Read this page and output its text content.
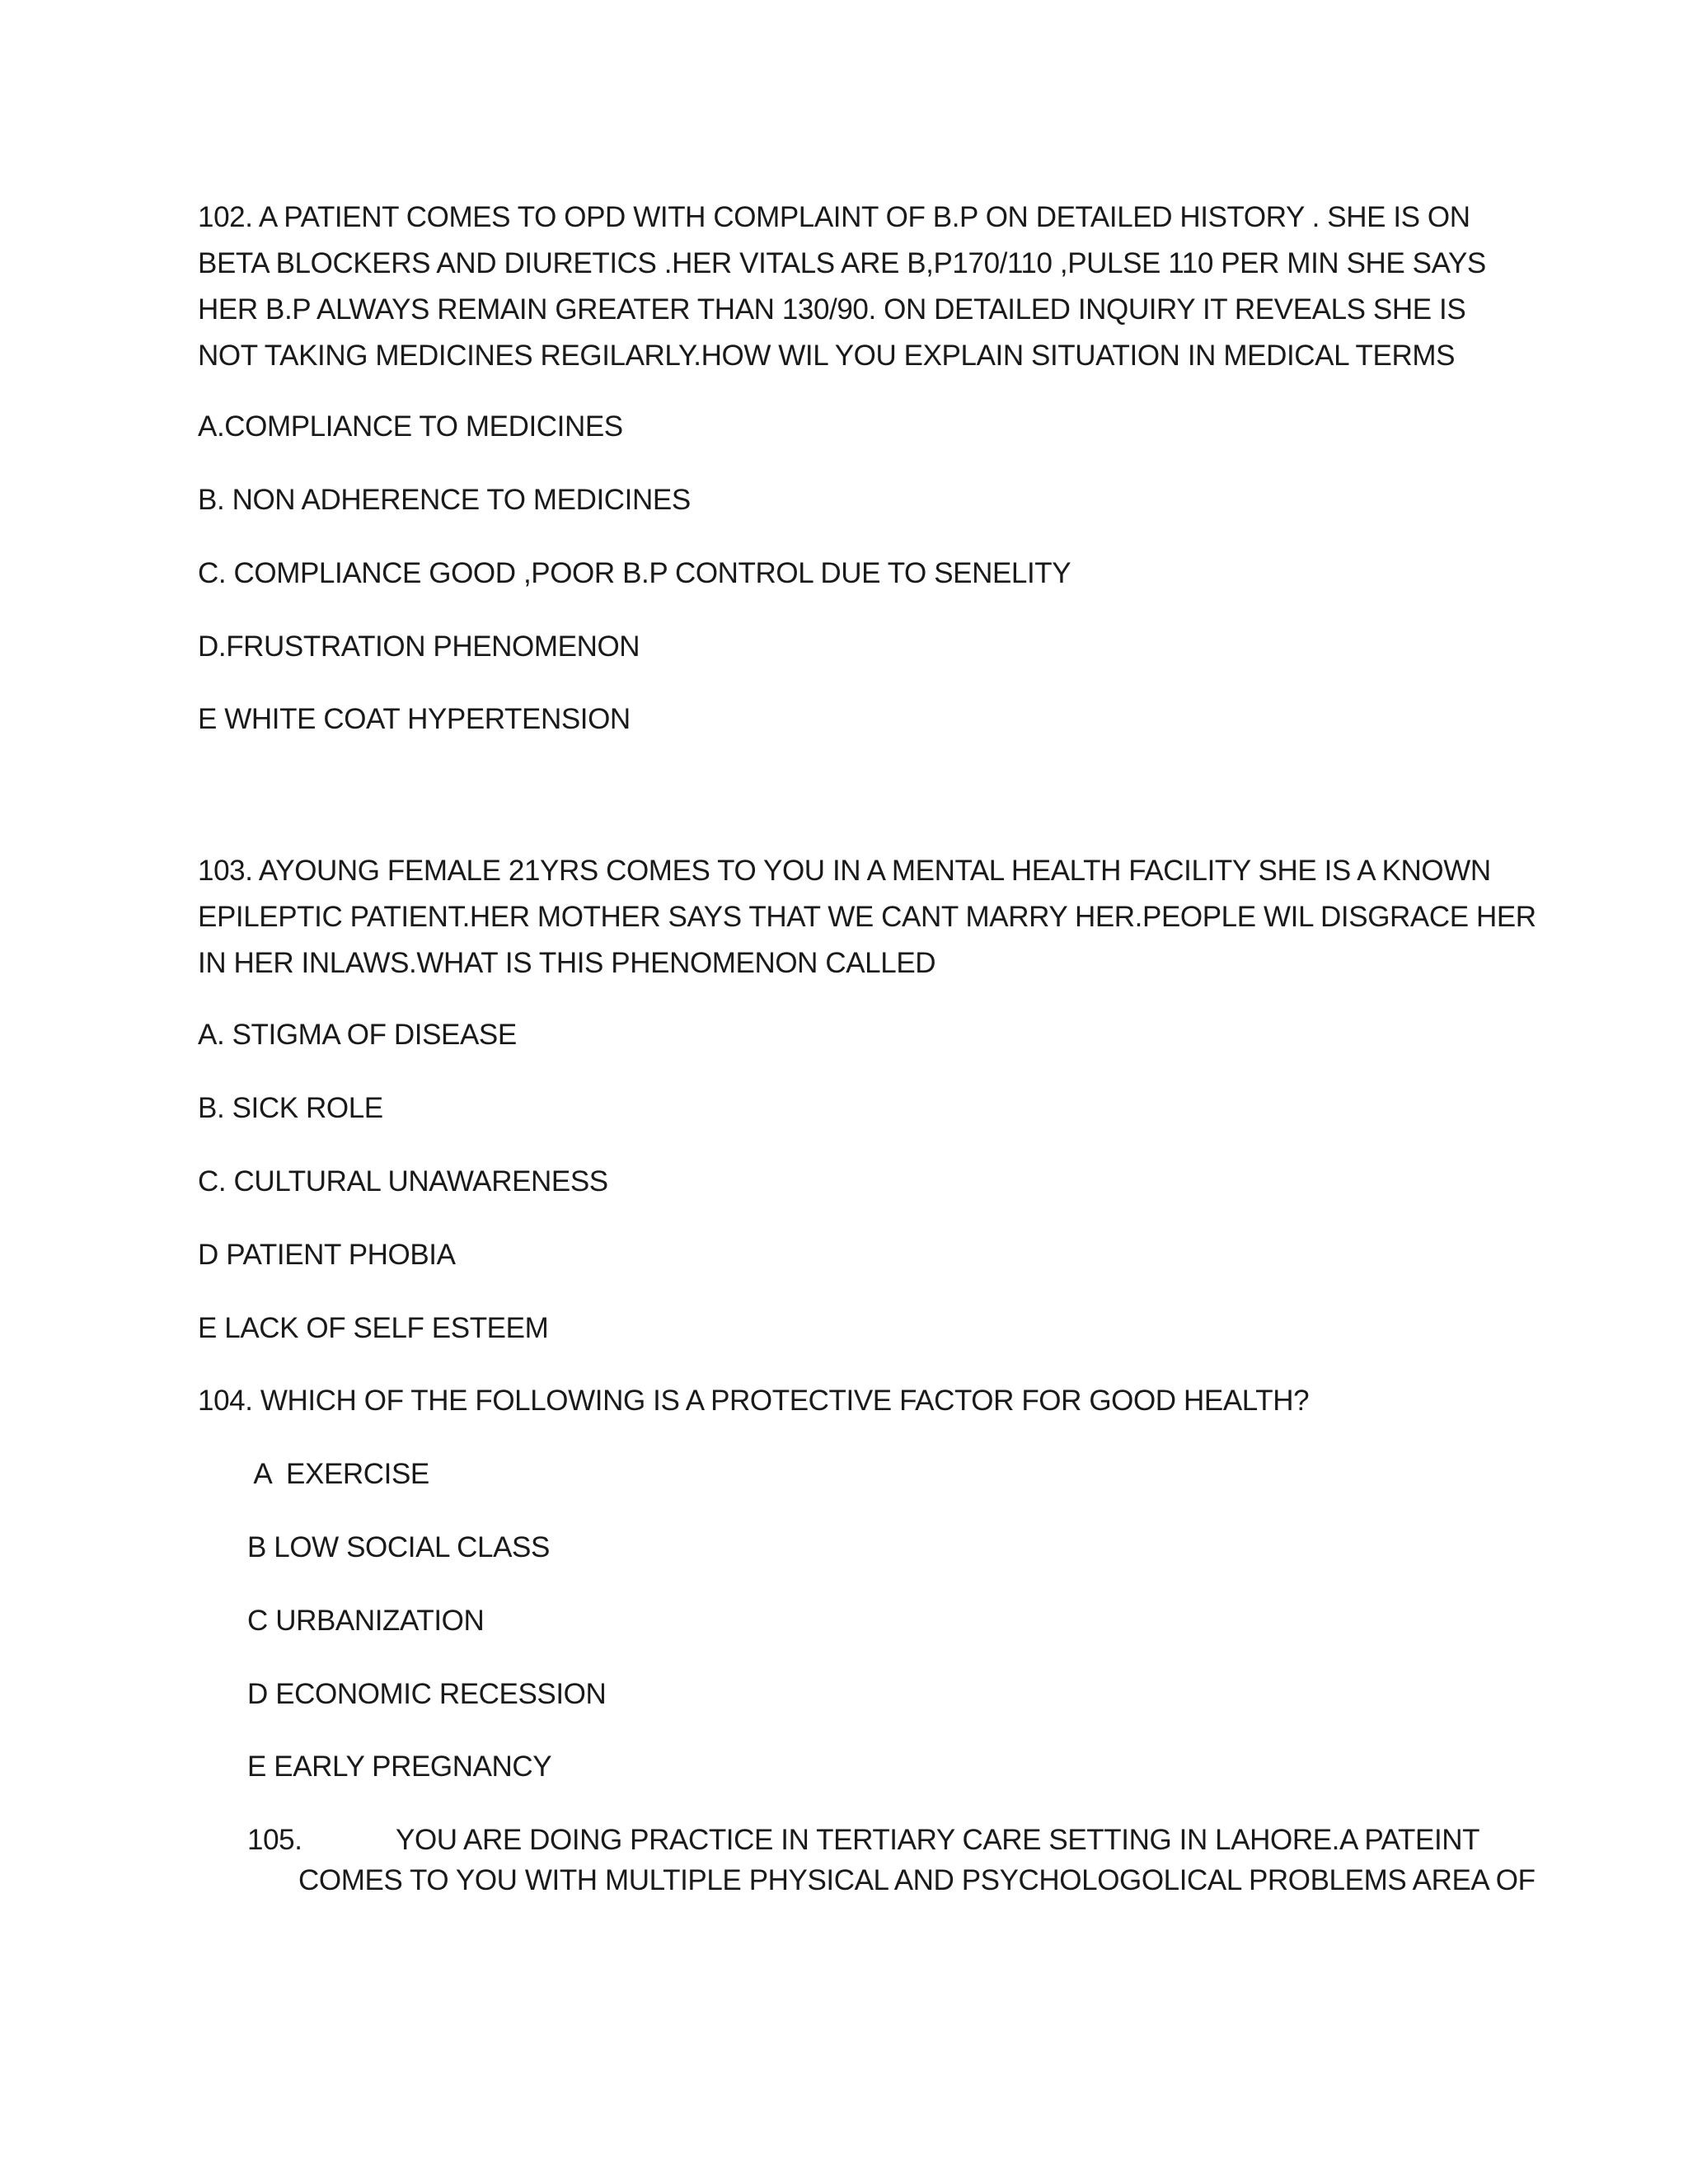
102. A PATIENT COMES TO OPD WITH COMPLAINT OF B.P ON DETAILED HISTORY . SHE IS ON
BETA BLOCKERS AND DIURETICS .HER VITALS ARE B,P170/110 ,PULSE 110 PER MIN SHE SAYS
HER B.P ALWAYS REMAIN GREATER THAN 130/90. ON DETAILED INQUIRY IT REVEALS SHE IS
NOT TAKING MEDICINES REGILARLY.HOW WIL YOU EXPLAIN SITUATION IN MEDICAL TERMS
A.COMPLIANCE TO MEDICINES
B. NON ADHERENCE TO MEDICINES
C. COMPLIANCE GOOD ,POOR B.P CONTROL DUE TO SENELITY
D.FRUSTRATION PHENOMENON
E WHITE COAT HYPERTENSION
103. AYOUNG FEMALE 21YRS COMES TO YOU IN A MENTAL HEALTH FACILITY SHE IS A KNOWN
EPILEPTIC PATIENT.HER MOTHER SAYS THAT WE CANT MARRY HER.PEOPLE WIL DISGRACE HER
IN HER INLAWS.WHAT IS THIS PHENOMENON CALLED
A. STIGMA OF DISEASE
B. SICK ROLE
C. CULTURAL UNAWARENESS
D PATIENT PHOBIA
E LACK OF SELF ESTEEM
104. WHICH OF THE FOLLOWING IS A PROTECTIVE FACTOR FOR GOOD HEALTH?
A  EXERCISE
B LOW SOCIAL CLASS
C URBANIZATION
D ECONOMIC RECESSION
E EARLY PREGNANCY
105.	YOU ARE DOING PRACTICE IN TERTIARY CARE SETTING IN LAHORE.A PATEINT
COMES TO YOU WITH MULTIPLE PHYSICAL AND PSYCHOLOGOLICAL PROBLEMS AREA OF
